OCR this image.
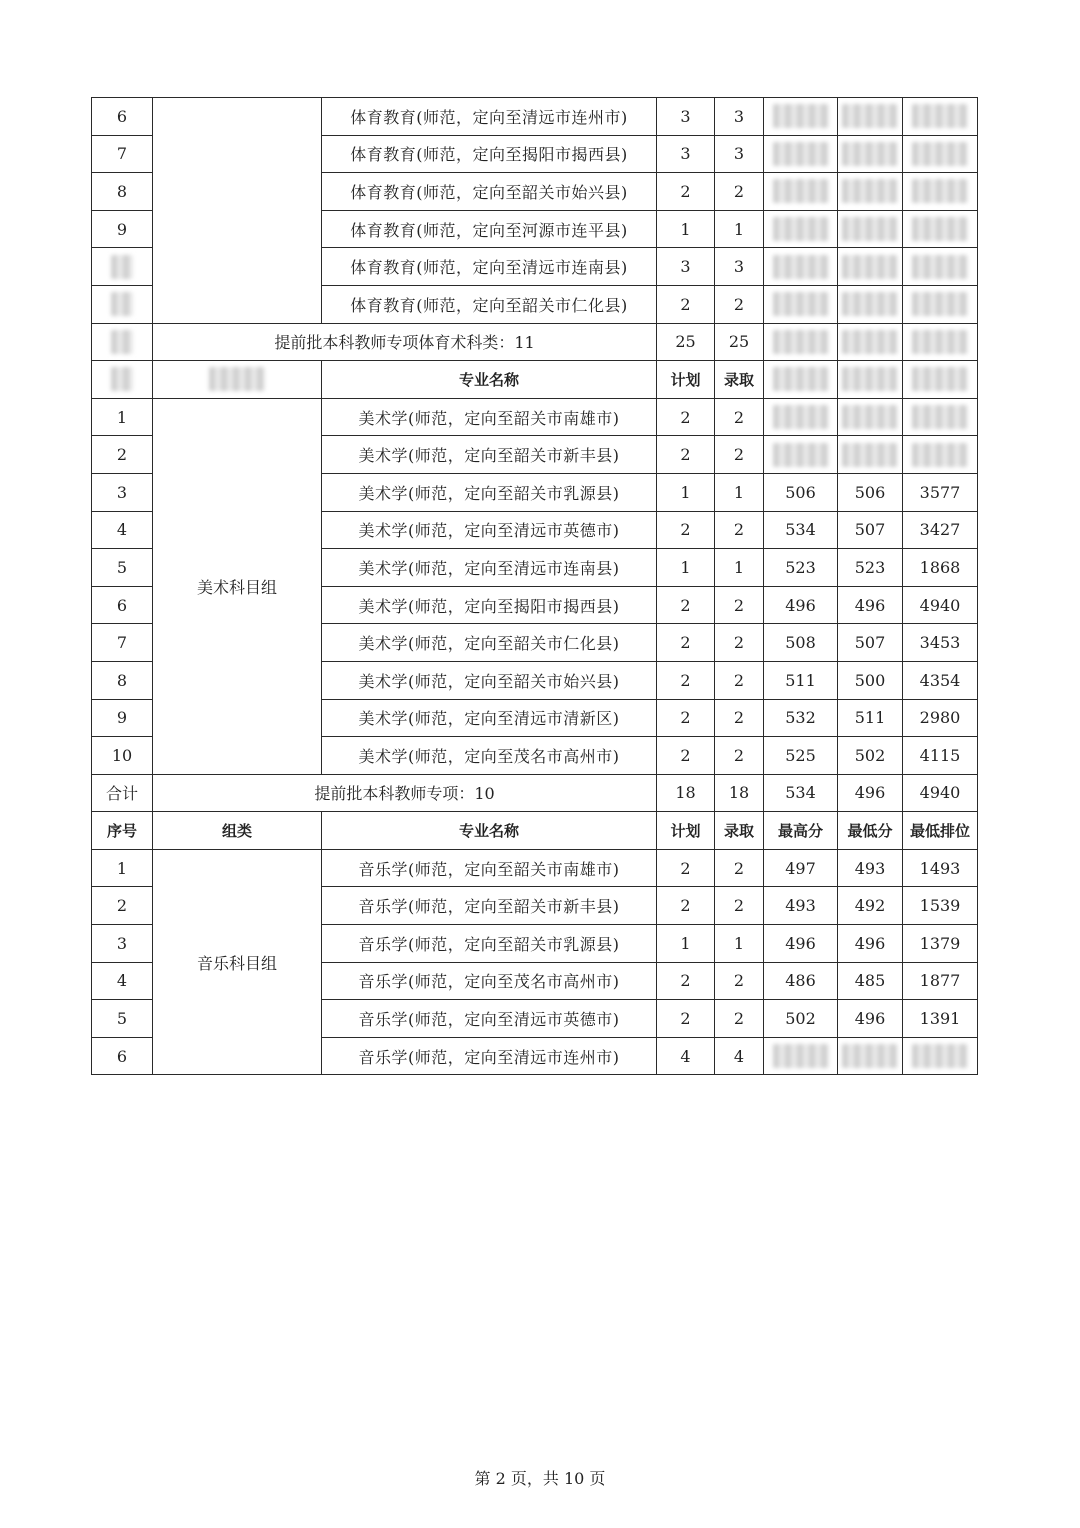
6		体育教育(师范，定向至清远市连州市)	3	3			
7		体育教育(师范，定向至揭阳市揭西县)	3	3			
8		体育教育(师范，定向至韶关市始兴县)	2	2			
9		体育教育(师范，定向至河源市连平县)	1	1			
		体育教育(师范，定向至清远市连南县)	3	3			
		体育教育(师范，定向至韶关市仁化县)	2	2			
	提前批本科教师专项体育术科类：11		25	25			
		专业名称	计划	录取			
1	美术科目组	美术学(师范，定向至韶关市南雄市)	2	2			
2		美术学(师范，定向至韶关市新丰县)	2	2			
3		美术学(师范，定向至韶关市乳源县)	1	1	506	506	3577
4		美术学(师范，定向至清远市英德市)	2	2	534	507	3427
5		美术学(师范，定向至清远市连南县)	1	1	523	523	1868
6		美术学(师范，定向至揭阳市揭西县)	2	2	496	496	4940
7		美术学(师范，定向至韶关市仁化县)	2	2	508	507	3453
8		美术学(师范，定向至韶关市始兴县)	2	2	511	500	4354
9		美术学(师范，定向至清远市清新区)	2	2	532	511	2980
10		美术学(师范，定向至茂名市高州市)	2	2	525	502	4115
合计	提前批本科教师专项：10		18	18	534	496	4940
序号	组类	专业名称	计划	录取	最高分	最低分	最低排位
1	音乐科目组	音乐学(师范，定向至韶关市南雄市)	2	2	497	493	1493
2		音乐学(师范，定向至韶关市新丰县)	2	2	493	492	1539
3		音乐学(师范，定向至韶关市乳源县)	1	1	496	496	1379
4		音乐学(师范，定向至茂名市高州市)	2	2	486	485	1877
5		音乐学(师范，定向至清远市英德市)	2	2	502	496	1391
6		音乐学(师范，定向至清远市连州市)	4	4			
第 2 页，共 10 页
